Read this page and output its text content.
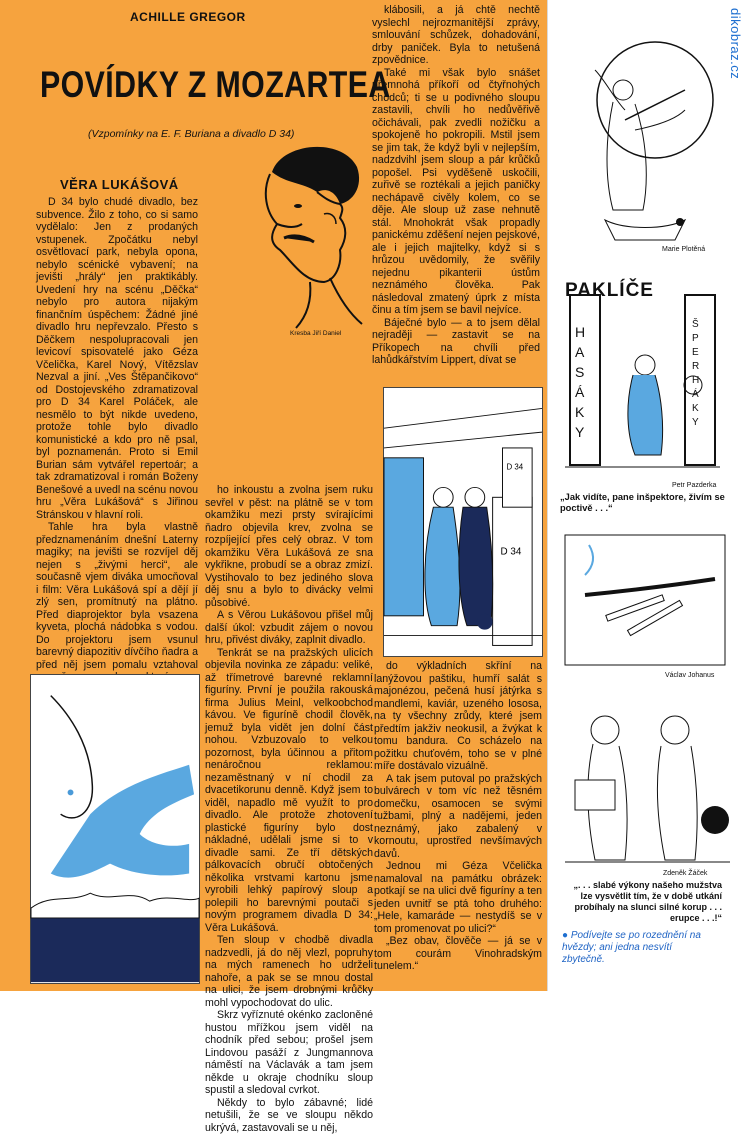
ACHILLE GREGOR
POVÍDKY Z MOZARTEA
(Vzpomínky na E. F. Buriana a divadlo D 34)
VĚRA LUKÁŠOVÁ
Kresba Jiří Daniel

D 34 bylo chudé divadlo, bez subvence. Žilo z toho, co si samo vydělalo: Jen z prodaných vstupenek. Zpočátku nebyl osvětlovací park, nebyla opona, nebylo scénické vybavení; na jevišti „hrály“ jen praktikábly. Uvedení hry na scénu „Děčka“ nebylo pro autora nijakým finančním úspěchem: Žádné jiné divadlo hru nepřevzalo. Přesto s Děčkem nespolupracovali jen levicoví spisovatelé jako Géza Včelička, Karel Nový, Vítězslav Nezval a jiní. „Ves Štěpančikovo“ od Dostojevského zdramatizoval pro D 34 Karel Poláček, ale nesmělo to být nikde uvedeno, protože tohle bylo divadlo komunistické a kdo pro ně psal, byl poznamenán. Proto si Emil Burian sám vytvářel repertoár; a tak zdramatizoval i román Boženy Benešové a uvedl na scénu novou hru „Věra Lukášová“ s Jiřinou Stránskou v hlavní roli.

Tahle hra byla vlastně předznamenáním dnešní Laterny magiky; na jevišti se rozvíjel děj nejen s „živými herci“, ale současně vjem diváka umocňoval i film: Věra Lukášová spí a dějí jí zlý sen, promítnutý na plátno. Před diaprojektor byla vsazena kyveta, plochá nádobka s vodou. Do projektoru jsem vsunul barevný diapozitiv dívčího ňadra a před něj jsem pomalu vztahoval

ho inkoustu a zvolna jsem ruku sevřel v pěst: na plátně se v tom okamžiku mezi prsty svírajícími ňadro objevila krev, zvolna se rozpíjející přes celý obraz. V tom okamžiku Věra Lukášová ze sna vykřikne, probudí se a obraz zmizí. Vystihovalo to bez jediného slova děj snu a bylo to divácky velmi působivé.

A s Věrou Lukášovou přišel můj další úkol: vzbudit zájem o novou hru, přivést diváky, zaplnit divadlo.

Tenkrát se na pražských ulicích objevila novinka ze západu: veliké, až třímetrové barevné reklamní figuríny. První je použila rakouská firma Julius Meinl, velkoobchod kávou. Ve figuríně chodil člověk, jemuž byla vidět jen dolní část nohou. Vzbuzovalo to velkou pozornost, byla účinnou a přitom nenáročnou reklamou: nezaměstnaný v ní chodil za dvacetikorunu denně. Když jsem to viděl, napadlo mě využít to pro divadlo. Ale protože zhotovení plastické figuríny bylo dost nákladné, udělali jsme si to v divadle sami. Ze tří dětských pálkovacích obručí obtočených několika vrstvami kartonu jsme vyrobili lehký papírový sloup a polepili ho barevnými poutači s novým programem divadla D 34: Věra Lukášová.

Ten sloup v chodbě divadla nadzvedli, já do něj vlezl, popruhy na mých ramenech ho udrželi nahoře, a pak se se mnou dostal na ulici, že jsem drobnými krůčky mohl vypochodovat do ulic.

Skrz vyříznuté okénko zacloněné hustou mřížkou jsem viděl na chodník před sebou; prošel jsem Lindovou pasáží z Jungmannova náměstí na Václavák a tam jsem někde u okraje chodníku sloup spustil a sledoval cvrkot.

Někdy to bylo zábavné; lidé netušili, že se ve sloupu někdo ukrývá, zastavovali se u něj,

klábosili, a já chtě nechtě vyslechl nejrozmanitější zprávy, smlouvání schůzek, dohadování, drby paniček. Byla to netušená zpovědnice.

Také mi však bylo snášet přemnohá příkoří od čtyřnohých chodců; ti se u podivného sloupu zastavili, chvíli ho nedůvěřivě očichávali, pak zvedli nožičku a spokojeně ho pokropili. Mstil jsem se jim tak, že když byli v nejlepším, nadzdvihl jsem sloup a pár krůčků popošel. Psi vyděšeně uskočili, zuřivě se roztékali a jejich paničky nechápavě civěly kolem, co se děje. Ale sloup už zase nehnutě stál. Mnohokrát však propadly panickému zděšení nejen pejskové, ale i jejich majitelky, když si s hrůzou uvědomily, že svěřily nejednu pikanterii ústům neznámého člověka. Pak následoval zmatený úprk z místa činu a tím jsem se bavil nejvíce.

Báječné bylo — a to jsem dělal nejraději — zastavit se na Příkopech na chvíli před lahůdkářstvím Lippert, dívat se

D 34
D 34

do výkladních skříní na lanýžovou paštiku, humří salát s majonézou, pečená husí játýrka s mandlemi, kaviár, uzeného lososa, na ty všechny zrůdy, které jsem předtím jakživ neokusil, a žvýkat k tomu bandura. Co scházelo na požitku chuťovém, toho se v plné míře dostávalo vizuálně.

A tak jsem putoval po pražských bulvárech v tom víc než těsném domečku, osamocen se svými tužbami, plný a nadějemi, jeden neznámý, jako zabalený v kornoutu, uprostřed nevšímavých davů.

Jednou mi Géza Včelička namaloval na památku obrázek: potkají se na ulici dvě figuríny a ten jeden uvnitř se ptá toho druhého: „Hele, kamaráde — nestydíš se v tom promenovat po ulici?“

„Bez obav, člověče — já se v tom courám Vinohradským tunelem.“

dikobraz.cz
Marie Plotěná
PAKLÍČE
HASÁKY
ŠPERHÁKY
Petr Pazderka
„Jak vidíte, pane inšpektore, živím se poctivě . . .“
Václav Johanus
Zdeněk Žáček
„. . . slabé výkony našeho mužstva lze vysvětlit tím, že v době utkání probíhaly na slunci silné korup . . . erupce . . .!“
● Podívejte se po rozednění na hvězdy; ani jedna nesvítí zbytečně.
